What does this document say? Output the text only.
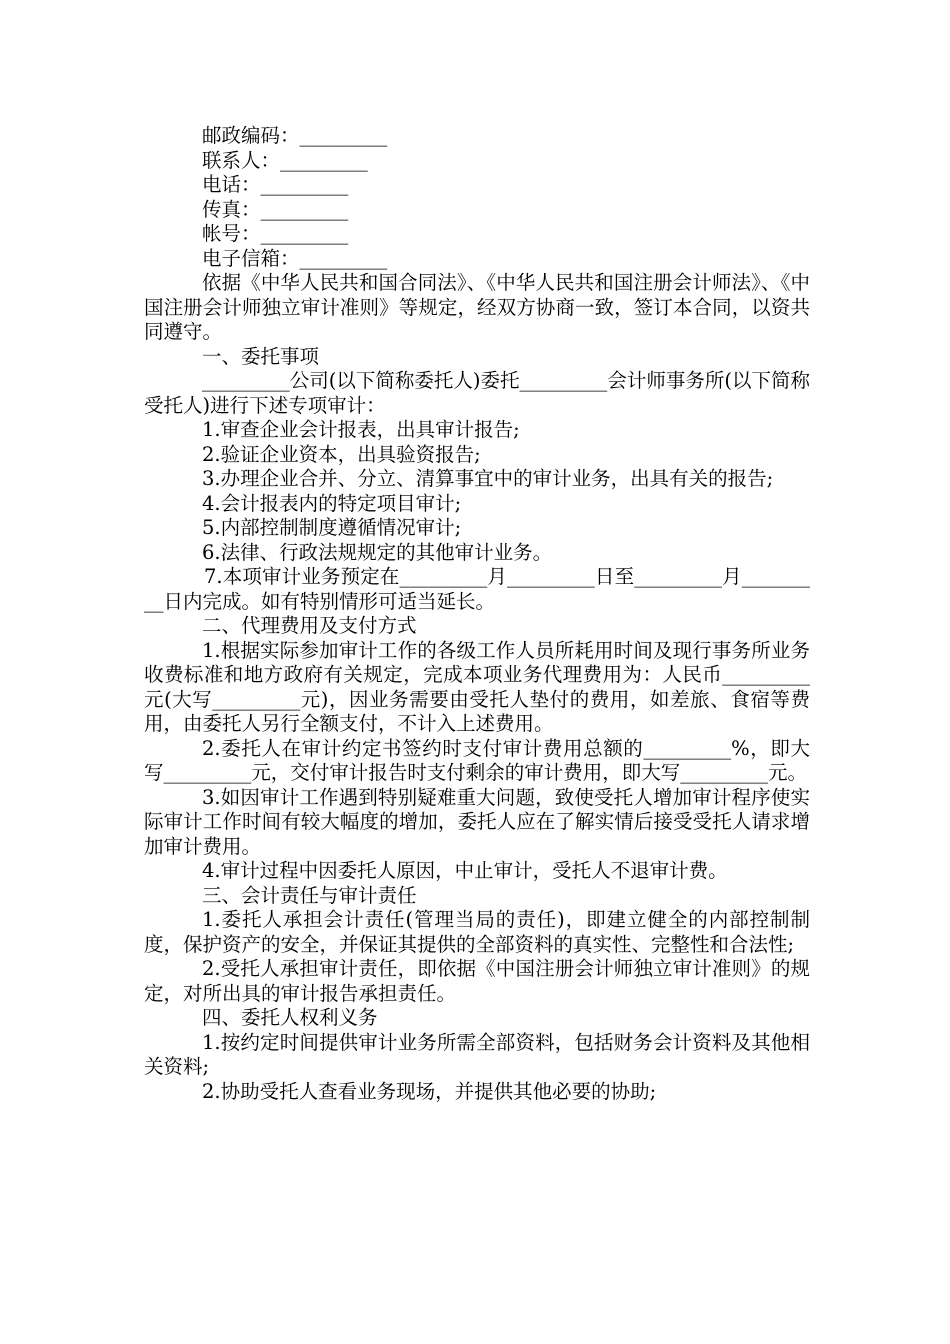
邮政编码：_________

联系人：_________

电话：_________

传真：_________

帐号：_________

电子信箱：_________

依据《中华人民共和国合同法》、《中华人民共和国注册会计师法》、《中国注册会计师独立审计准则》等规定，经双方协商一致，签订本合同，以资共同遵守。

一、委托事项

_________公司(以下简称委托人)委托_________会计师事务所(以下简称受托人)进行下述专项审计：

1.审查企业会计报表，出具审计报告;

2.验证企业资本，出具验资报告;

3.办理企业合并、分立、清算事宜中的审计业务，出具有关的报告;

4.会计报表内的特定项目审计;

5.内部控制制度遵循情况审计;

6.法律、行政法规规定的其他审计业务。

7.本项审计业务预定在_________月_________日至_________月_________日内完成。如有特别情形可适当延长。

二、代理费用及支付方式

1.根据实际参加审计工作的各级工作人员所耗用时间及现行事务所业务收费标准和地方政府有关规定，完成本项业务代理费用为：人民币_________元(大写_________元)，因业务需要由受托人垫付的费用，如差旅、食宿等费用，由委托人另行全额支付，不计入上述费用。

2.委托人在审计约定书签约时支付审计费用总额的_________%，即大写_________元，交付审计报告时支付剩余的审计费用，即大写_________元。

3.如因审计工作遇到特别疑难重大问题，致使受托人增加审计程序使实际审计工作时间有较大幅度的增加，委托人应在了解实情后接受受托人请求增加审计费用。

4.审计过程中因委托人原因，中止审计，受托人不退审计费。

三、会计责任与审计责任

1.委托人承担会计责任(管理当局的责任)，即建立健全的内部控制制度，保护资产的安全，并保证其提供的全部资料的真实性、完整性和合法性;

2.受托人承担审计责任，即依据《中国注册会计师独立审计准则》的规定，对所出具的审计报告承担责任。

四、委托人权利义务

1.按约定时间提供审计业务所需全部资料，包括财务会计资料及其他相关资料;

2.协助受托人查看业务现场，并提供其他必要的协助;
